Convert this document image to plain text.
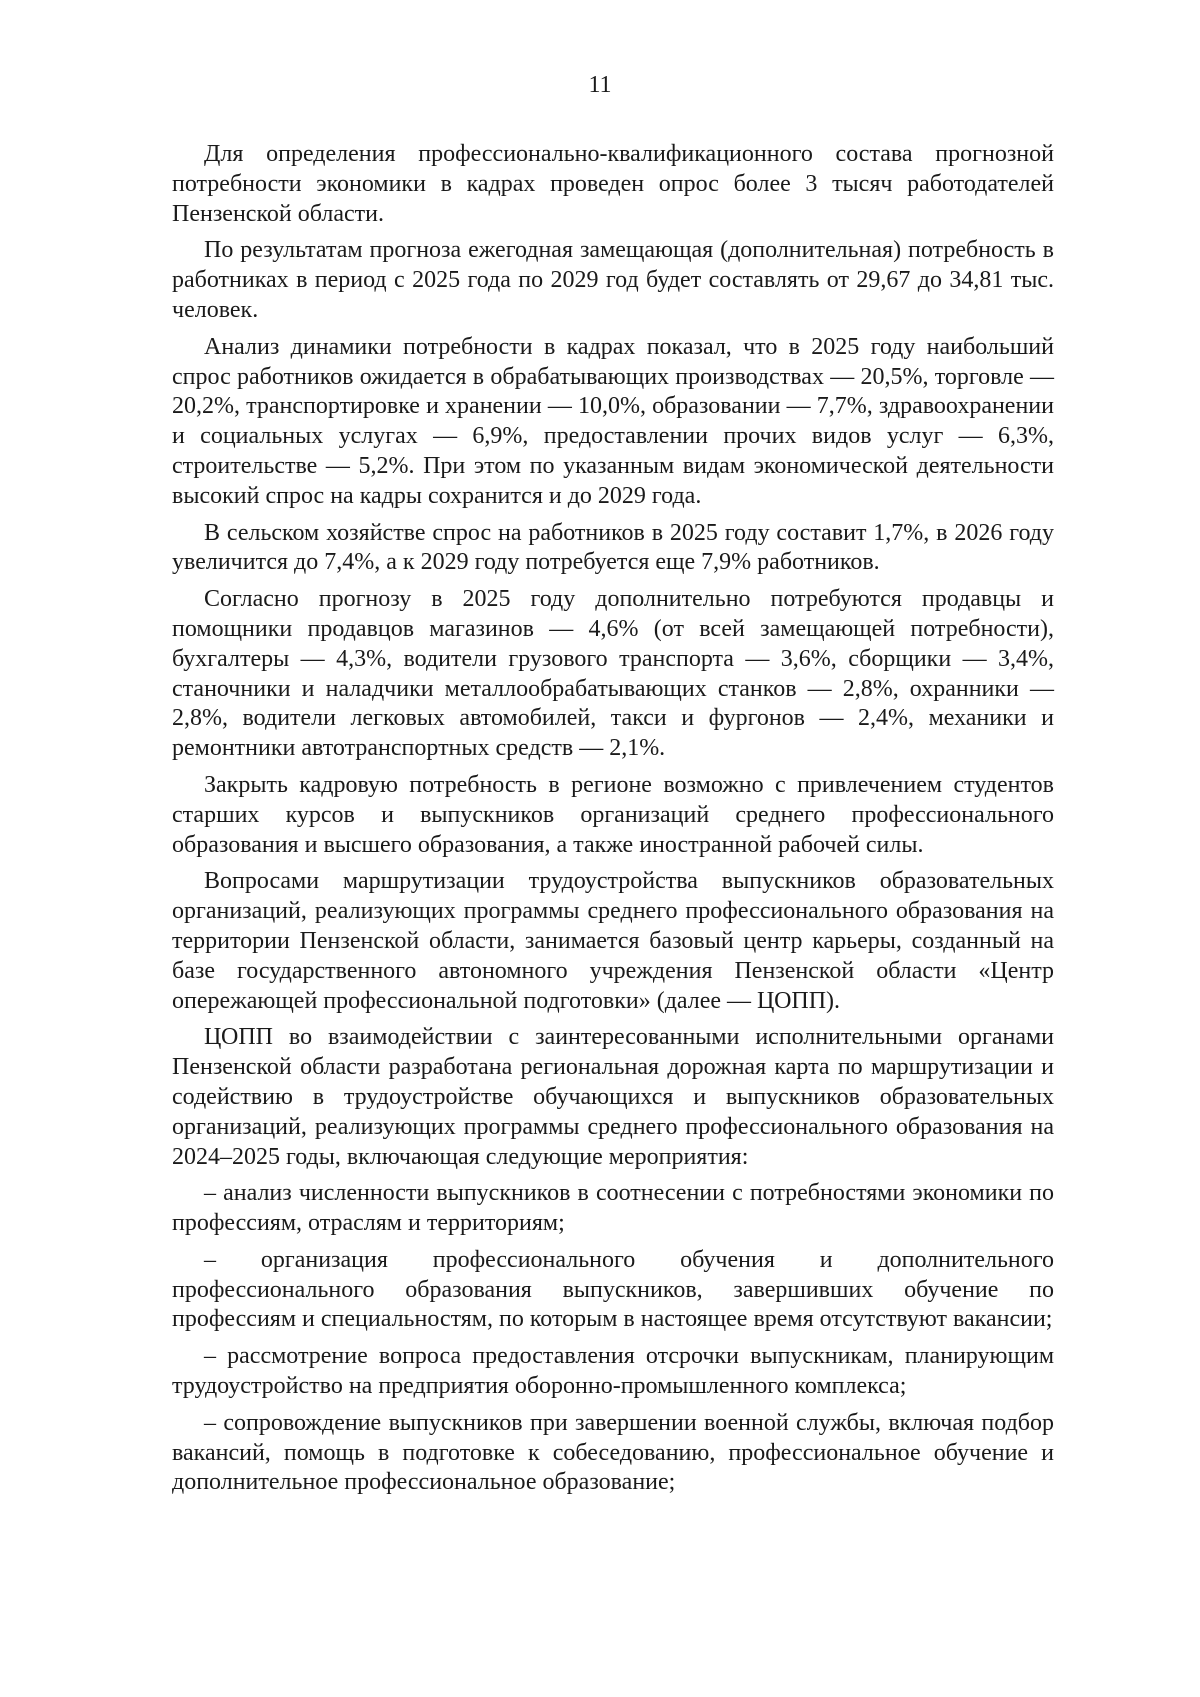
11

Для определения профессионально-квалификационного состава прогнозной потребности экономики в кадрах проведен опрос более 3 тысяч работодателей Пензенской области.

По результатам прогноза ежегодная замещающая (дополнительная) потребность в работниках в период с 2025 года по 2029 год будет составлять от 29,67 до 34,81 тыс. человек.

Анализ динамики потребности в кадрах показал, что в 2025 году наибольший спрос работников ожидается в обрабатывающих производствах — 20,5%, торговле — 20,2%, транспортировке и хранении — 10,0%, образовании — 7,7%, здравоохранении и социальных услугах — 6,9%, предоставлении прочих видов услуг — 6,3%, строительстве — 5,2%. При этом по указанным видам экономической деятельности высокий спрос на кадры сохранится и до 2029 года.

В сельском хозяйстве спрос на работников в 2025 году составит 1,7%, в 2026 году увеличится до 7,4%, а к 2029 году потребуется еще 7,9% работников.

Согласно прогнозу в 2025 году дополнительно потребуются продавцы и помощники продавцов магазинов — 4,6% (от всей замещающей потребности), бухгалтеры — 4,3%, водители грузового транспорта — 3,6%, сборщики — 3,4%, станочники и наладчики металлообрабатывающих станков — 2,8%, охранники — 2,8%, водители легковых автомобилей, такси и фургонов — 2,4%, механики и ремонтники автотранспортных средств — 2,1%.

Закрыть кадровую потребность в регионе возможно с привлечением студентов старших курсов и выпускников организаций среднего профессионального образования и высшего образования, а также иностранной рабочей силы.

Вопросами маршрутизации трудоустройства выпускников образовательных организаций, реализующих программы среднего профессионального образования на территории Пензенской области, занимается базовый центр карьеры, созданный на базе государственного автономного учреждения Пензенской области «Центр опережающей профессиональной подготовки» (далее — ЦОПП).

ЦОПП во взаимодействии с заинтересованными исполнительными органами Пензенской области разработана региональная дорожная карта по маршрутизации и содействию в трудоустройстве обучающихся и выпускников образовательных организаций, реализующих программы среднего профессионального образования на 2024–2025 годы, включающая следующие мероприятия:

– анализ численности выпускников в соотнесении с потребностями экономики по профессиям, отраслям и территориям;

– организация профессионального обучения и дополнительного профессионального образования выпускников, завершивших обучение по профессиям и специальностям, по которым в настоящее время отсутствуют вакансии;

– рассмотрение вопроса предоставления отсрочки выпускникам, планирующим трудоустройство на предприятия оборонно-промышленного комплекса;

– сопровождение выпускников при завершении военной службы, включая подбор вакансий, помощь в подготовке к собеседованию, профессиональное обучение и дополнительное профессиональное образование;
